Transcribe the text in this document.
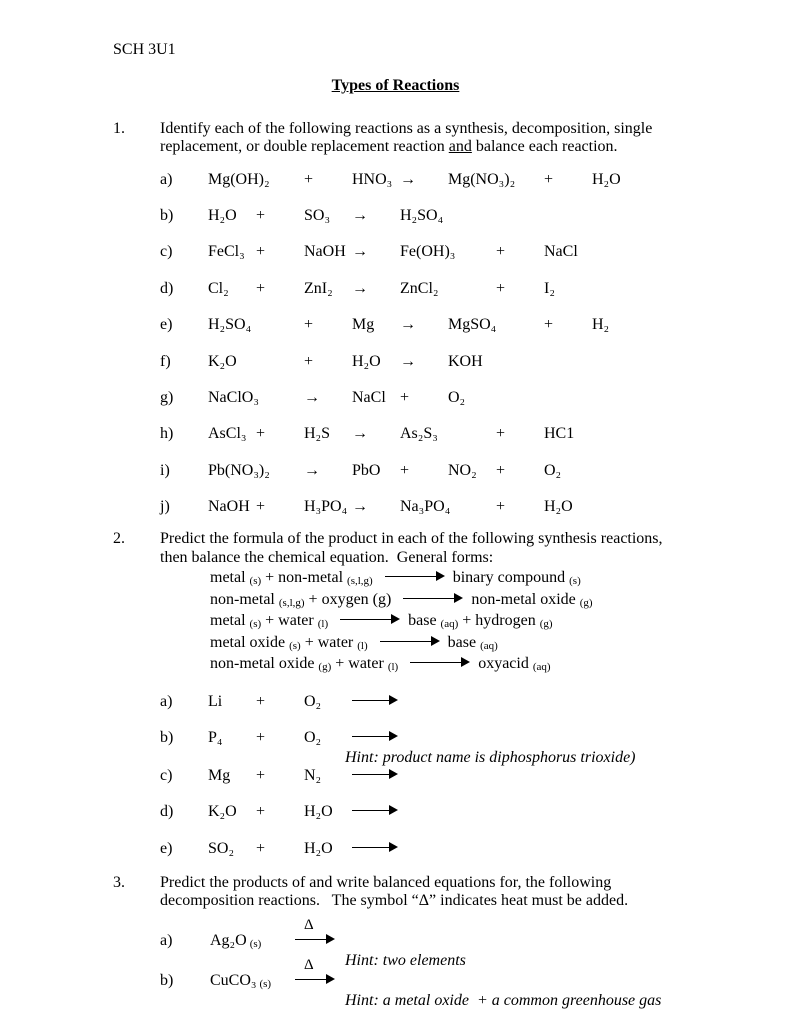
SCH 3U1
Types of Reactions
1.	Identify each of the following reactions as a synthesis, decomposition, single replacement, or double replacement reaction and balance each reaction.
a)	Mg(OH)₂	+	HNO₃	→	Mg(NO₃)₂	+	H₂O
b)	H₂O	+	SO₃	→	H₂SO₄
c)	FeCl₃	+	NaOH	→	Fe(OH)₃	+	NaCl
d)	Cl₂	+	ZnI₂	→	ZnCl₂		+	I₂
e)	H₂SO₄		+	Mg	→	MgSO₄	+	H₂
f)	K₂O		+	H₂O	→	KOH
g)	NaClO₃	→	NaCl	+	O₂
h)	AsCl₃	+	H₂S	→	As₂S₃		+	HC1
i)	Pb(NO₃)₂	→	PbO	+	NO₂	+	O₂
j)	NaOH	+	H₃PO₄	→	Na₃PO₄	+	H₂O
2.	Predict the formula of the product in each of the following synthesis reactions, then balance the chemical equation.  General forms:
metal (s) + non-metal (s,l,g)	binary compound (s)
non-metal (s,l,g) + oxygen (g)	non-metal oxide (g)
metal (s) + water (l)	base (aq) + hydrogen (g)
metal oxide (s) + water (l)	base (aq)
non-metal oxide (g) + water (l)	oxyacid (aq)
a)	Li	+	O₂	
b)	P₄	+	O₂	
Hint: product name is diphosphorus trioxide)
c)	Mg	+	N₂	
d)	K₂O	+	H₂O	
e)	SO₂	+	H₂O	
3.	Predict the products of and write balanced equations for, the following decomposition reactions.   The symbol “Δ” indicates heat must be added.
a)	Ag₂O (s)
Δ
Hint: two elements
b)	CuCO₃ (s)
Δ
Hint: a metal oxide  + a common greenhouse gas
